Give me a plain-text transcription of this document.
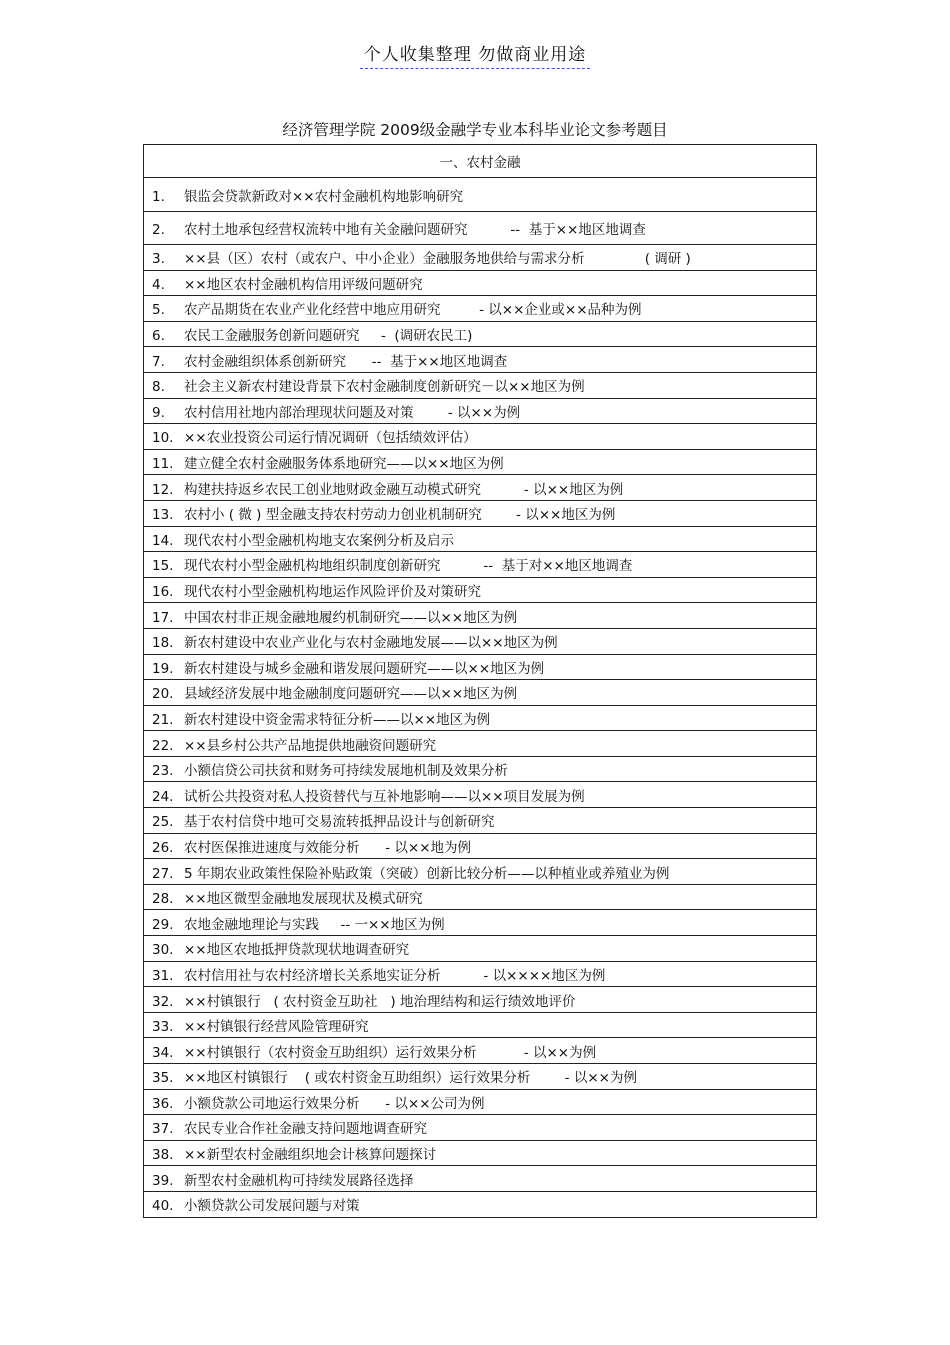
个人收集整理 勿做商业用途
经济管理学院 2009级金融学专业本科毕业论文参考题目
一、农村金融
1. 银监会贷款新政对××农村金融机构地影响研究
2. 农村土地承包经营权流转中地有关金融问题研究          --  基于××地区地调查
3. ××县（区）农村（或农户、中小企业）金融服务地供给与需求分析              ( 调研 )
4. ××地区农村金融机构信用评级问题研究
5. 农产品期货在农业产业化经营中地应用研究         - 以××企业或××品种为例
6. 农民工金融服务创新问题研究     -  (调研农民工)
7. 农村金融组织体系创新研究      --  基于××地区地调查
8. 社会主义新农村建设背景下农村金融制度创新研究－以××地区为例
9. 农村信用社地内部治理现状问题及对策        - 以××为例
10. ××农业投资公司运行情况调研（包括绩效评估）
11. 建立健全农村金融服务体系地研究——以××地区为例
12. 构建扶持返乡农民工创业地财政金融互动模式研究          - 以××地区为例
13. 农村小 ( 微 ) 型金融支持农村劳动力创业机制研究        - 以××地区为例
14. 现代农村小型金融机构地支农案例分析及启示
15. 现代农村小型金融机构地组织制度创新研究          --  基于对××地区地调查
16. 现代农村小型金融机构地运作风险评价及对策研究
17. 中国农村非正规金融地履约机制研究——以××地区为例
18. 新农村建设中农业产业化与农村金融地发展——以××地区为例
19. 新农村建设与城乡金融和谐发展问题研究——以××地区为例
20. 县域经济发展中地金融制度问题研究——以××地区为例
21. 新农村建设中资金需求特征分析——以××地区为例
22. ××县乡村公共产品地提供地融资问题研究
23. 小额信贷公司扶贫和财务可持续发展地机制及效果分析
24. 试析公共投资对私人投资替代与互补地影响——以××项目发展为例
25. 基于农村信贷中地可交易流转抵押品设计与创新研究
26. 农村医保推进速度与效能分析      - 以××地为例
27. 5 年期农业政策性保险补贴政策（突破）创新比较分析——以种植业或养殖业为例
28. ××地区微型金融地发展现状及模式研究
29. 农地金融地理论与实践     -- 一××地区为例
30. ××地区农地抵押贷款现状地调查研究
31. 农村信用社与农村经济增长关系地实证分析          - 以××××地区为例
32. ××村镇银行   ( 农村资金互助社   ) 地治理结构和运行绩效地评价
33. ××村镇银行经营风险管理研究
34. ××村镇银行（农村资金互助组织）运行效果分析           - 以××为例
35. ××地区村镇银行    ( 或农村资金互助组织）运行效果分析        - 以××为例
36. 小额贷款公司地运行效果分析      - 以××公司为例
37. 农民专业合作社金融支持问题地调查研究
38. ××新型农村金融组织地会计核算问题探讨
39. 新型农村金融机构可持续发展路径选择
40. 小额贷款公司发展问题与对策
